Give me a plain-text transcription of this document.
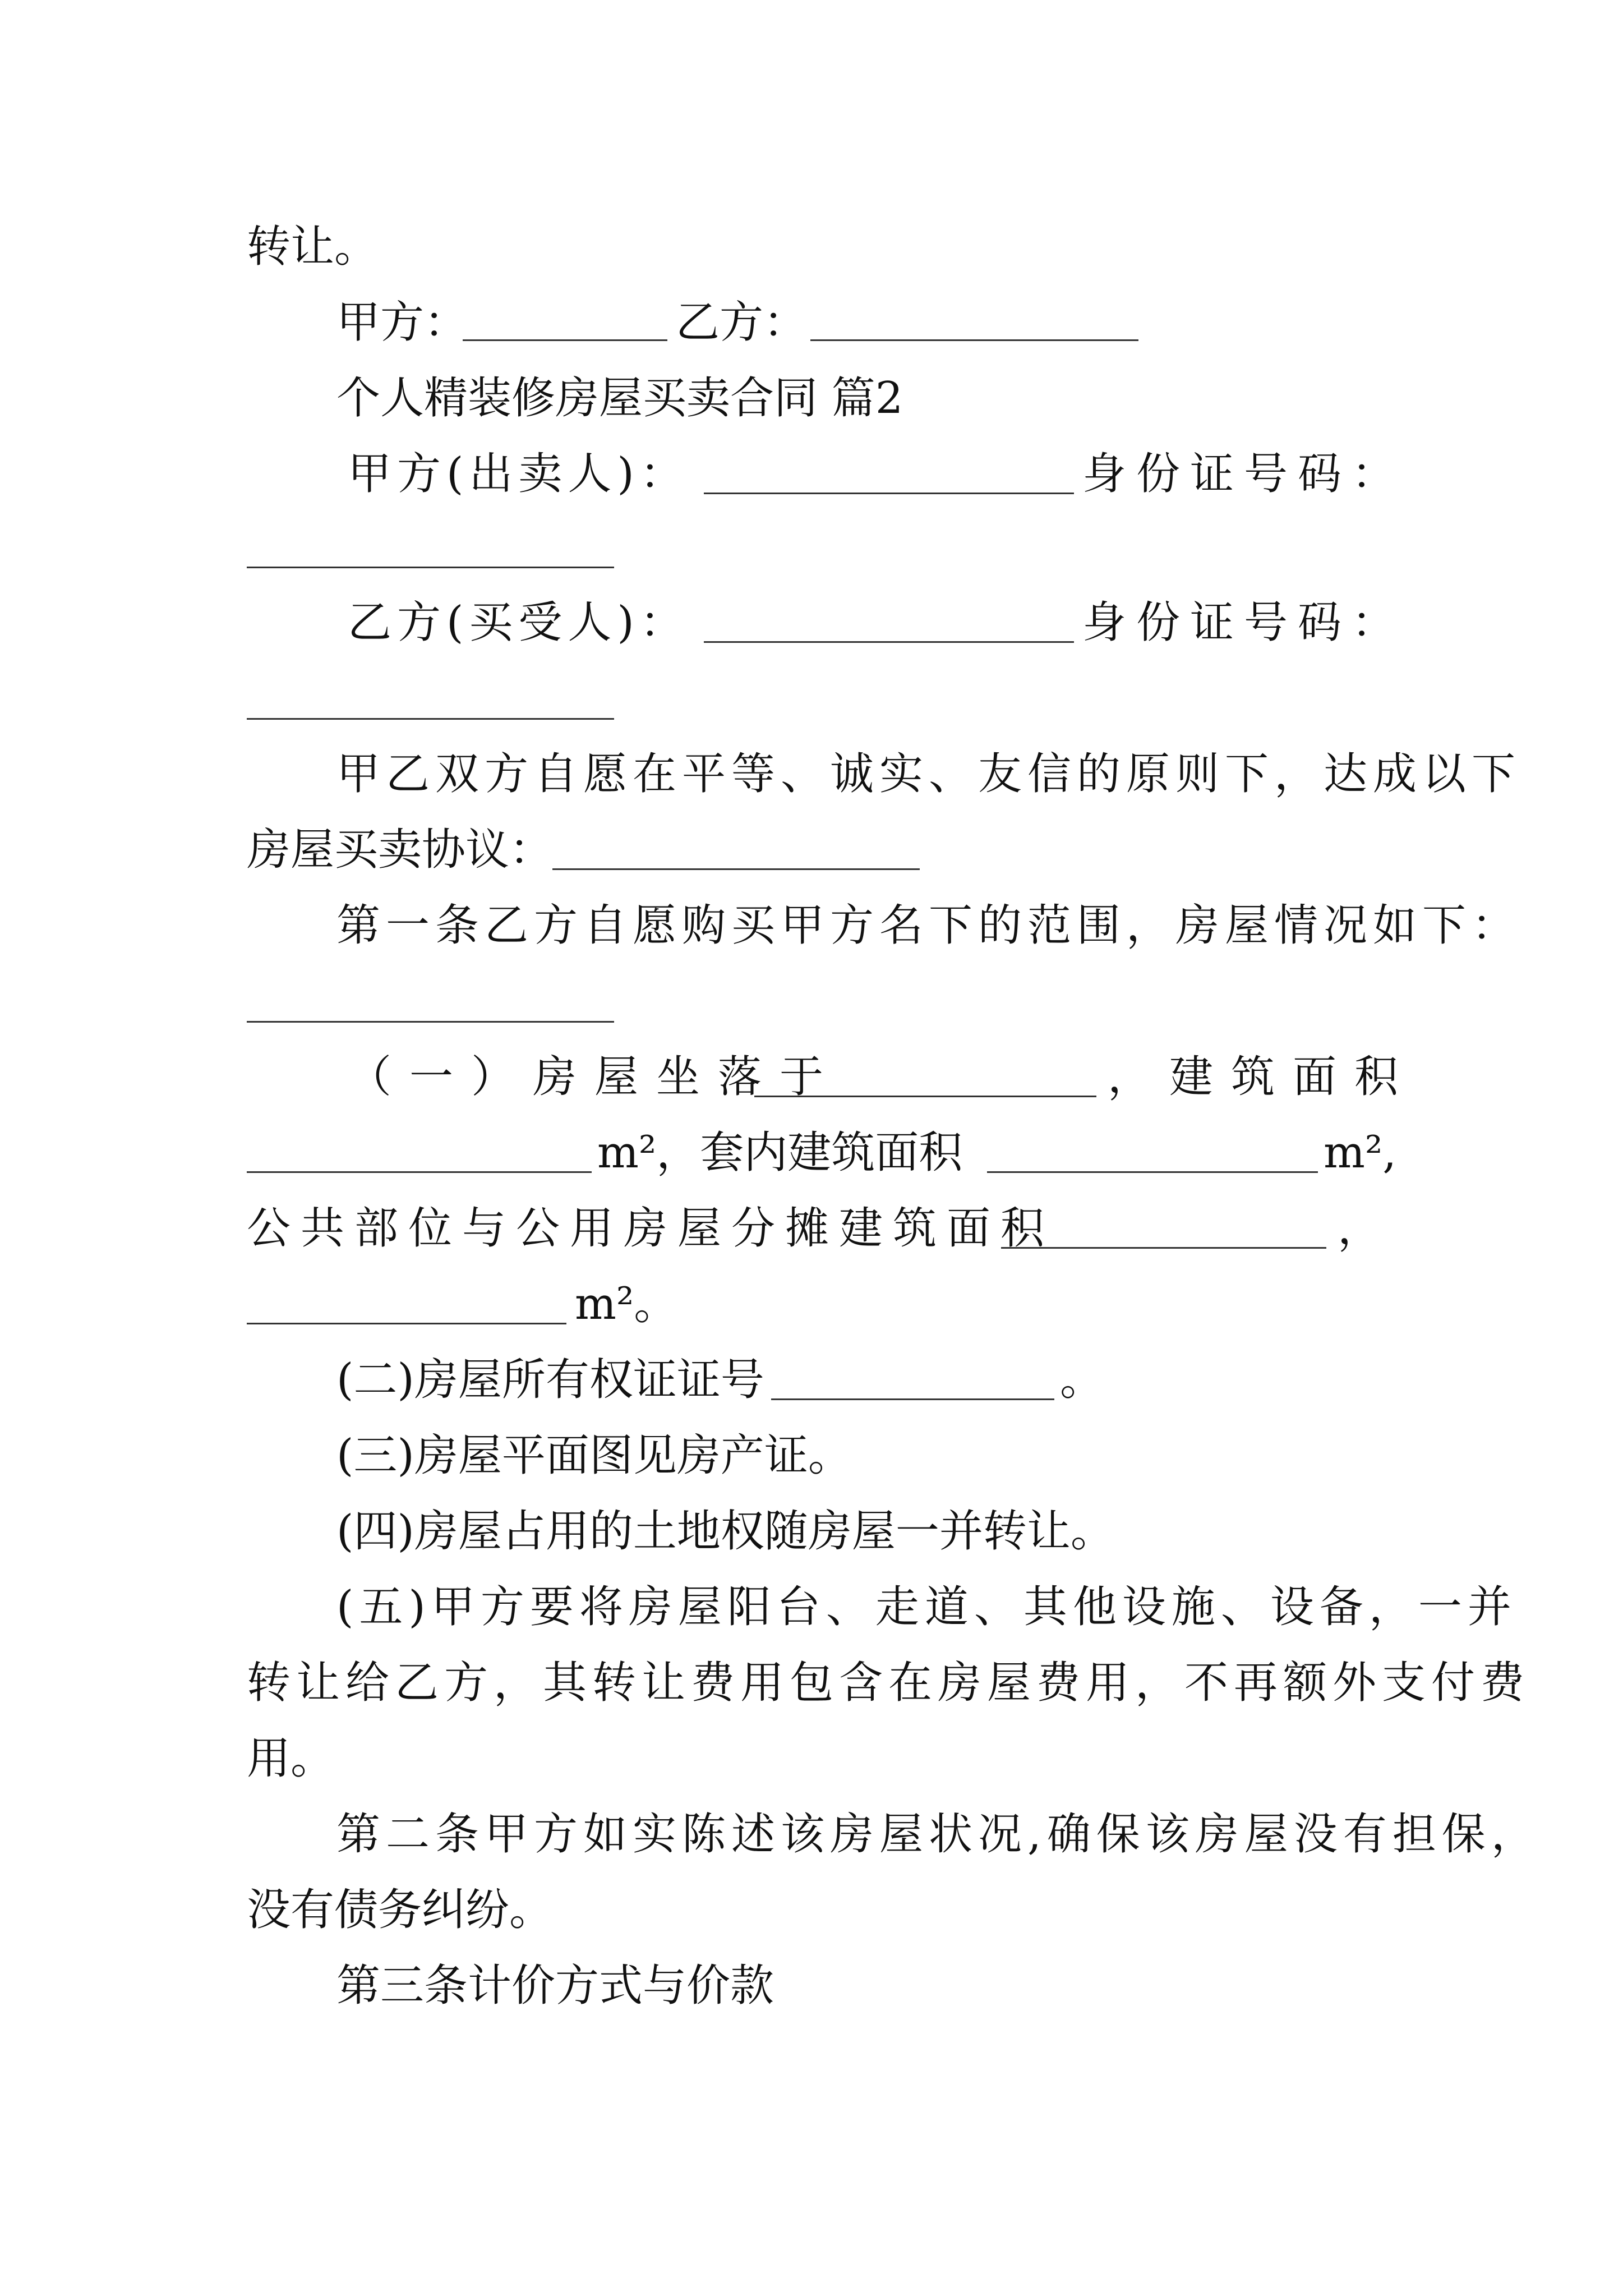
转让。
甲方：	乙方：
个人精装修房屋买卖合同 篇2
甲方(出卖人)：	身份证号码：
乙方(买受人)：	身份证号码：
甲乙双方自愿在平等、诚实、友信的原则下，达成以下
房屋买卖协议：
第一条乙方自愿购买甲方名下的范围，房屋情况如下：
（一）房屋坐落于	，建筑面积
m²，套内建筑面积	m²,
公共部位与公用房屋分摊建筑面积	，
m²。
(二)房屋所有权证证号	。
(三)房屋平面图见房产证。
(四)房屋占用的土地权随房屋一并转让。
(五)甲方要将房屋阳台、走道、其他设施、设备，一并
转让给乙方，其转让费用包含在房屋费用，不再额外支付费
用。
第二条甲方如实陈述该房屋状况,确保该房屋没有担保，
没有债务纠纷。
第三条计价方式与价款
